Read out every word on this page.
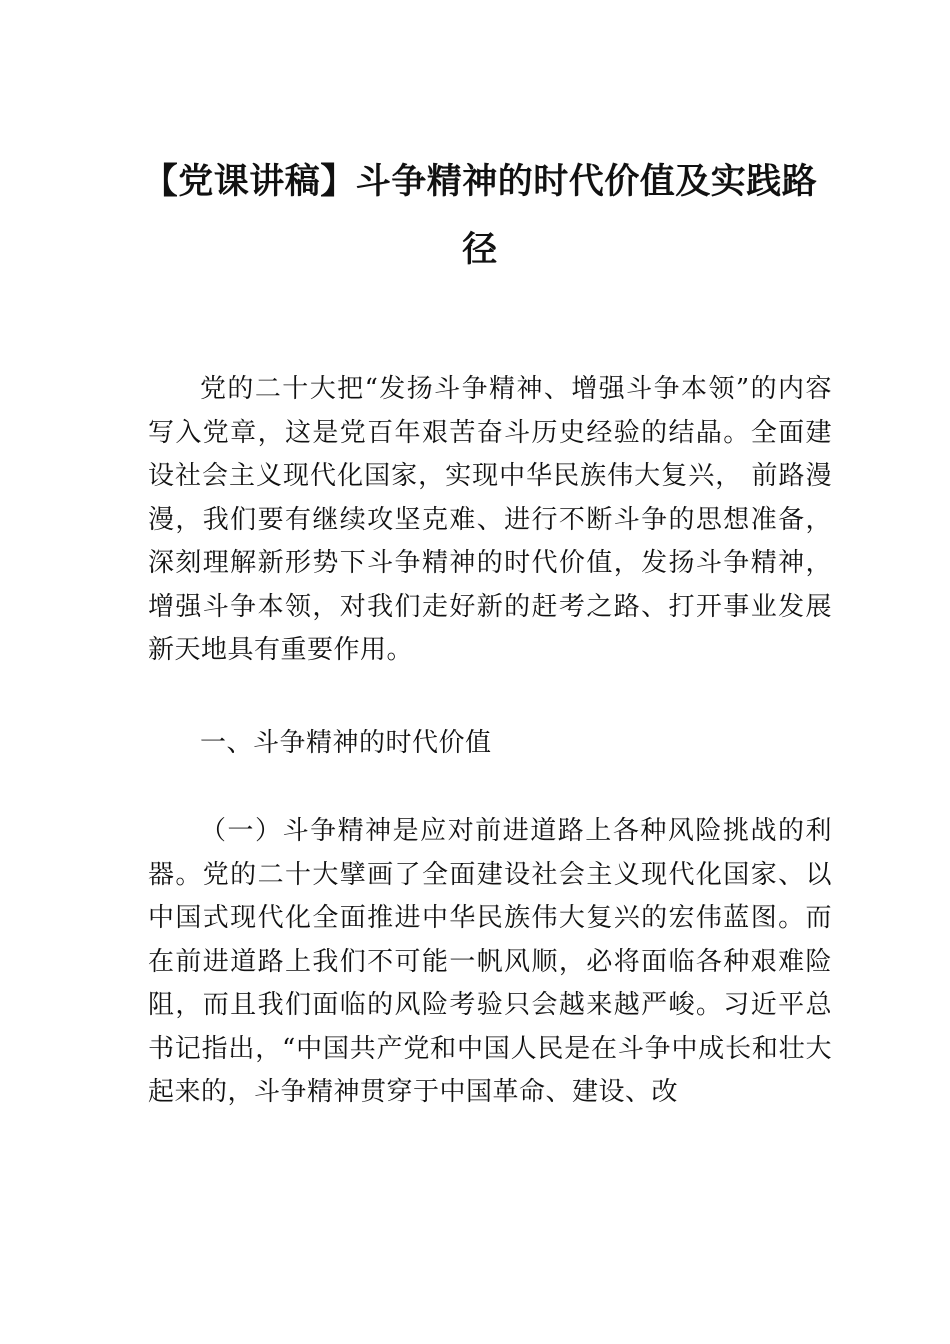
【党课讲稿】斗争精神的时代价值及实践路径

党的二十大把“发扬斗争精神、增强斗争本领”的内容写入党章，这是党百年艰苦奋斗历史经验的结晶。全面建设社会主义现代化国家，实现中华民族伟大复兴， 前路漫漫，我们要有继续攻坚克难、进行不断斗争的思想准备，深刻理解新形势下斗争精神的时代价值，发扬斗争精神，增强斗争本领，对我们走好新的赶考之路、打开事业发展新天地具有重要作用。

一、斗争精神的时代价值

（一）斗争精神是应对前进道路上各种风险挑战的利器。党的二十大擘画了全面建设社会主义现代化国家、以中国式现代化全面推进中华民族伟大复兴的宏伟蓝图。而在前进道路上我们不可能一帆风顺，必将面临各种艰难险阻，而且我们面临的风险考验只会越来越严峻。习近平总书记指出，“中国共产党和中国人民是在斗争中成长和壮大起来的，斗争精神贯穿于中国革命、建设、改
